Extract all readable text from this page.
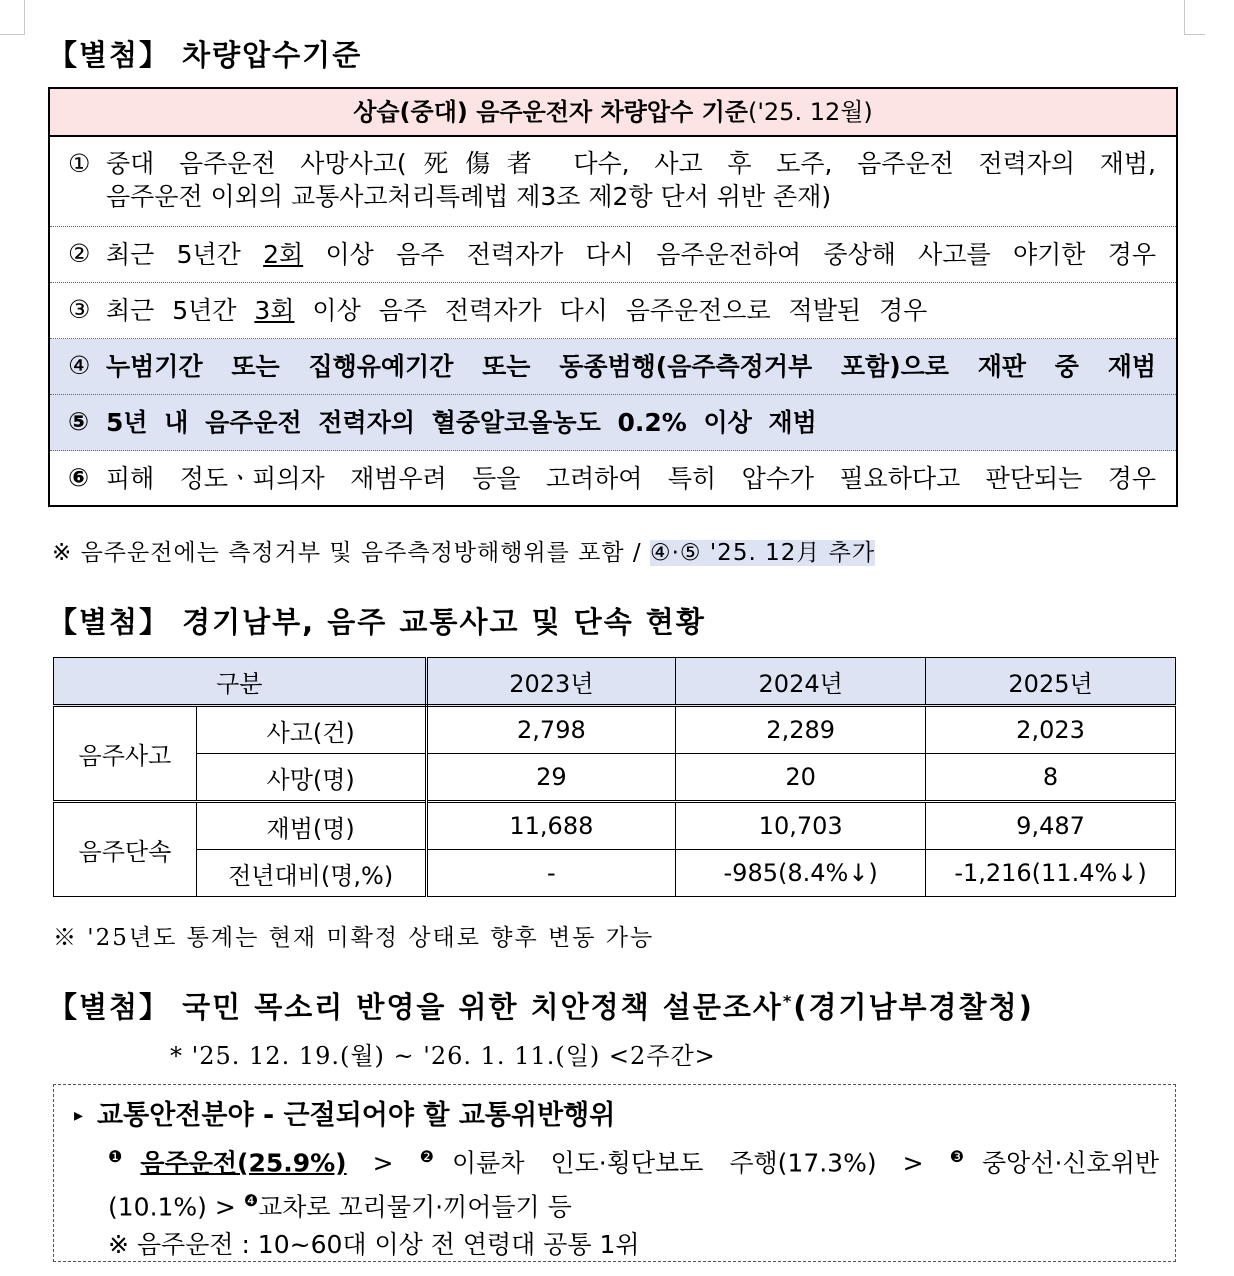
【별첨】 차량압수기준
상습(중대) 음주운전자 차량압수 기준('25. 12월)
① 중대 음주운전 사망사고(死傷者 다수, 사고 후 도주, 음주운전 전력자의 재범,
음주운전 이외의 교통사고처리특례법 제3조 제2항 단서 위반 존재)
② 최근 5년간 2회 이상 음주 전력자가 다시 음주운전하여 중상해 사고를 야기한 경우
③ 최근 5년간 3회 이상 음주 전력자가 다시 음주운전으로 적발된 경우
④ 누범기간 또는 집행유예기간 또는 동종범행(음주측정거부 포함)으로 재판 중 재범
⑤ 5년 내 음주운전 전력자의 혈중알코올농도 0.2% 이상 재범
⑥ 피해 정도ㆍ피의자 재범우려 등을 고려하여 특히 압수가 필요하다고 판단되는 경우
※ 음주운전에는 측정거부 및 음주측정방해행위를 포함 / ④·⑤ '25. 12月 추가
【별첨】 경기남부, 음주 교통사고 및 단속 현황
구분		2023년	2024년	2025년
음주사고	사고(건)	2,798	2,289	2,023
	사망(명)	29	20	8
음주단속	재범(명)	11,688	10,703	9,487
	전년대비(명,%)	-	-985(8.4%↓)	-1,216(11.4%↓)
※ '25년도 통계는 현재 미확정 상태로 향후 변동 가능
【별첨】 국민 목소리 반영을 위한 치안정책 설문조사*(경기남부경찰청)
* '25. 12. 19.(월) ~ '26. 1. 11.(일) <2주간>
▸ 교통안전분야 - 근절되어야 할 교통위반행위
$^❶$음주운전(25.9%) > $^❷$이륜차 인도·횡단보도 주행(17.3%) > $^❸$중앙선·신호위반
(10.1%) > $^❹$교차로 꼬리물기·끼어들기 등
※ 음주운전 : 10~60대 이상 전 연령대 공통 1위
